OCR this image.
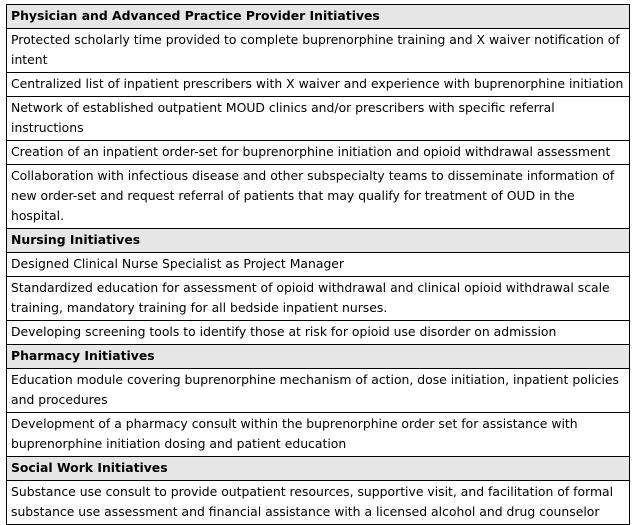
Physician and Advanced Practice Provider Initiatives
Protected scholarly time provided to complete buprenorphine training and X waiver notification of intent
Centralized list of inpatient prescribers with X waiver and experience with buprenorphine initiation
Network of established outpatient MOUD clinics and/or prescribers with specific referral instructions
Creation of an inpatient order-set for buprenorphine initiation and opioid withdrawal assessment
Collaboration with infectious disease and other subspecialty teams to disseminate information of new order-set and request referral of patients that may qualify for treatment of OUD in the hospital.
Nursing Initiatives
Designed Clinical Nurse Specialist as Project Manager
Standardized education for assessment of opioid withdrawal and clinical opioid withdrawal scale training, mandatory training for all bedside inpatient nurses.
Developing screening tools to identify those at risk for opioid use disorder on admission
Pharmacy Initiatives
Education module covering buprenorphine mechanism of action, dose initiation, inpatient policies and procedures
Development of a pharmacy consult within the buprenorphine order set for assistance with buprenorphine initiation dosing and patient education
Social Work Initiatives
Substance use consult to provide outpatient resources, supportive visit, and facilitation of formal substance use assessment and financial assistance with a licensed alcohol and drug counselor
